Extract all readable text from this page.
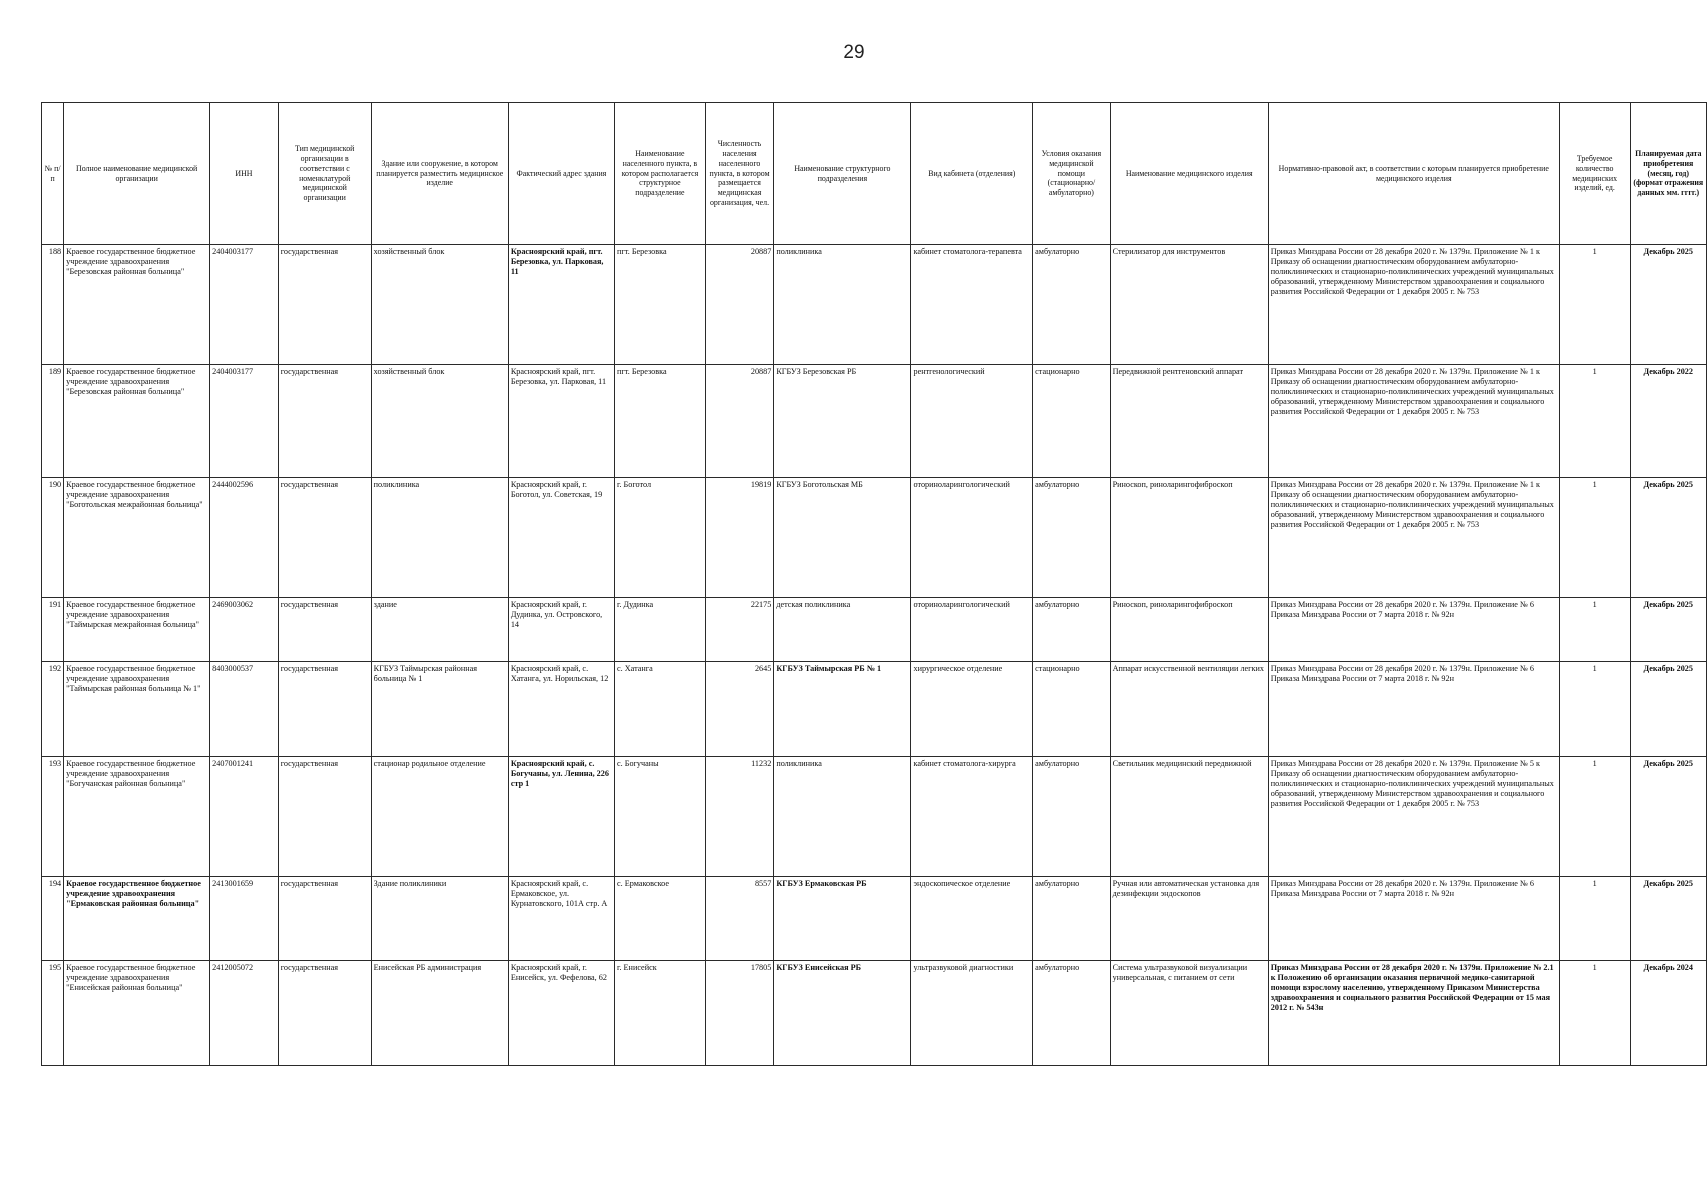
29
№ п/п	Полное наименование медицинской организации	ИНН	Тип медицинской организации в соответствии с номенклатурой медицинской организации	Здание или сооружение, в котором планируется разместить медицинское изделие	Фактический адрес здания	Наименование населенного пункта, в котором располагается структурное подразделение	Численность населения населенного пункта, в котором размещается медицинская организация, чел.	Наименование структурного подразделения	Вид кабинета (отделения)	Условия оказания медицинской помощи (стационарно/ амбулаторно)	Наименование медицинского изделия	Нормативно-правовой акт, в соответствии с которым планируется приобретение медицинского изделия	Требуемое количество медицинских изделий, ед.	Планируемая дата приобретения (месяц, год) (формат отражения данных мм. гггг.)
188	Краевое государственное бюджетное учреждение здравоохранения "Березовская районная больница"	2404003177	государственная	хозяйственный блок	Красноярский край, пгт. Березовка, ул. Парковая, 11	пгт. Березовка	20887	поликлиника	кабинет стоматолога-терапевта	амбулаторно	Стерилизатор для инструментов	Приказ Минздрава России от 28 декабря 2020 г. № 1379н. Приложение № 1 к Приказу об оснащении диагностическим оборудованием амбулаторно-поликлинических и стационарно-поликлинических учреждений муниципальных образований, утвержденному Министерством здравоохранения и социального развития Российской Федерации от 1 декабря 2005 г. № 753	1	Декабрь 2025
189	Краевое государственное бюджетное учреждение здравоохранения "Березовская районная больница"	2404003177	государственная	хозяйственный блок	Красноярский край, пгт. Березовка, ул. Парковая, 11	пгт. Березовка	20887	КГБУЗ Березовская РБ	рентгенологический	стационарно	Передвижной рентгеновский аппарат	Приказ Минздрава России от 28 декабря 2020 г. № 1379н. Приложение № 1 к Приказу об оснащении диагностическим оборудованием амбулаторно-поликлинических и стационарно-поликлинических учреждений муниципальных образований, утвержденному Министерством здравоохранения и социального развития Российской Федерации от 1 декабря 2005 г. № 753	1	Декабрь 2022
190	Краевое государственное бюджетное учреждение здравоохранения "Боготольская межрайонная больница"	2444002596	государственная	поликлиника	Красноярский край, г. Боготол, ул. Советская, 19	г. Боготол	19819	КГБУЗ Боготольская МБ	оториноларингологический	амбулаторно	Риноскоп, риноларингофиброскоп	Приказ Минздрава России от 28 декабря 2020 г. № 1379н. Приложение № 1 к Приказу об оснащении диагностическим оборудованием амбулаторно-поликлинических и стационарно-поликлинических учреждений муниципальных образований, утвержденному Министерством здравоохранения и социального развития Российской Федерации от 1 декабря 2005 г. № 753	1	Декабрь 2025
191	Краевое государственное бюджетное учреждение здравоохранения "Таймырская межрайонная больница"	2469003062	государственная	здание	Красноярский край, г. Дудинка, ул. Островского, 14	г. Дудинка	22175	детская поликлиника	оториноларингологический	амбулаторно	Риноскоп, риноларингофиброскоп	Приказ Минздрава России от 28 декабря 2020 г. № 1379н. Приложение № 6 Приказа Минздрава России от 7 марта 2018 г. № 92н	1	Декабрь 2025
192	Краевое государственное бюджетное учреждение здравоохранения "Таймырская районная больница № 1"	8403000537	государственная	КГБУЗ Таймырская районная больница № 1	Красноярский край, с. Хатанга, ул. Норильская, 12	с. Хатанга	2645	КГБУЗ Таймырская РБ № 1	хирургическое отделение	стационарно	Аппарат искусственной вентиляции легких	Приказ Минздрава России от 28 декабря 2020 г. № 1379н. Приложение № 6 Приказа Минздрава России от 7 марта 2018 г. № 92н	1	Декабрь 2025
193	Краевое государственное бюджетное учреждение здравоохранения "Богучанская районная больница"	2407001241	государственная	стационар родильное отделение	Красноярский край, с. Богучаны, ул. Ленина, 226 стр 1	с. Богучаны	11232	поликлиника	кабинет стоматолога-хирурга	амбулаторно	Светильник медицинский передвижной	Приказ Минздрава России от 28 декабря 2020 г. № 1379н. Приложение № 5 к Приказу об оснащении диагностическим оборудованием амбулаторно-поликлинических и стационарно-поликлинических учреждений муниципальных образований, утвержденному Министерством здравоохранения и социального развития Российской Федерации от 1 декабря 2005 г. № 753	1	Декабрь 2025
194	Краевое государственное бюджетное учреждение здравоохранения "Ермаковская районная больница"	2413001659	государственная	Здание поликлиники	Красноярский край, с. Ермаковское, ул. Курнатовского, 101А стр. А	с. Ермаковское	8557	КГБУЗ Ермаковская РБ	эндоскопическое отделение	амбулаторно	Ручная или автоматическая установка для дезинфекции эндоскопов	Приказ Минздрава России от 28 декабря 2020 г. № 1379н. Приложение № 6 Приказа Минздрава России от 7 марта 2018 г. № 92н	1	Декабрь 2025
195	Краевое государственное бюджетное учреждение здравоохранения "Енисейская районная больница"	2412005072	государственная	Енисейская РБ администрация	Красноярский край, г. Енисейск, ул. Фефелова, 62	г. Енисейск	17805	КГБУЗ Енисейская РБ	ультразвуковой диагностики	амбулаторно	Система ультразвуковой визуализации универсальная, с питанием от сети	Приказ Минздрава России от 28 декабря 2020 г. № 1379н. Приложение № 2.1 к Положению об организации оказания первичной медико-санитарной помощи взрослому населению, утвержденному Приказом Министерства здравоохранения и социального развития Российской Федерации от 15 мая 2012 г. № 543н	1	Декабрь 2024
